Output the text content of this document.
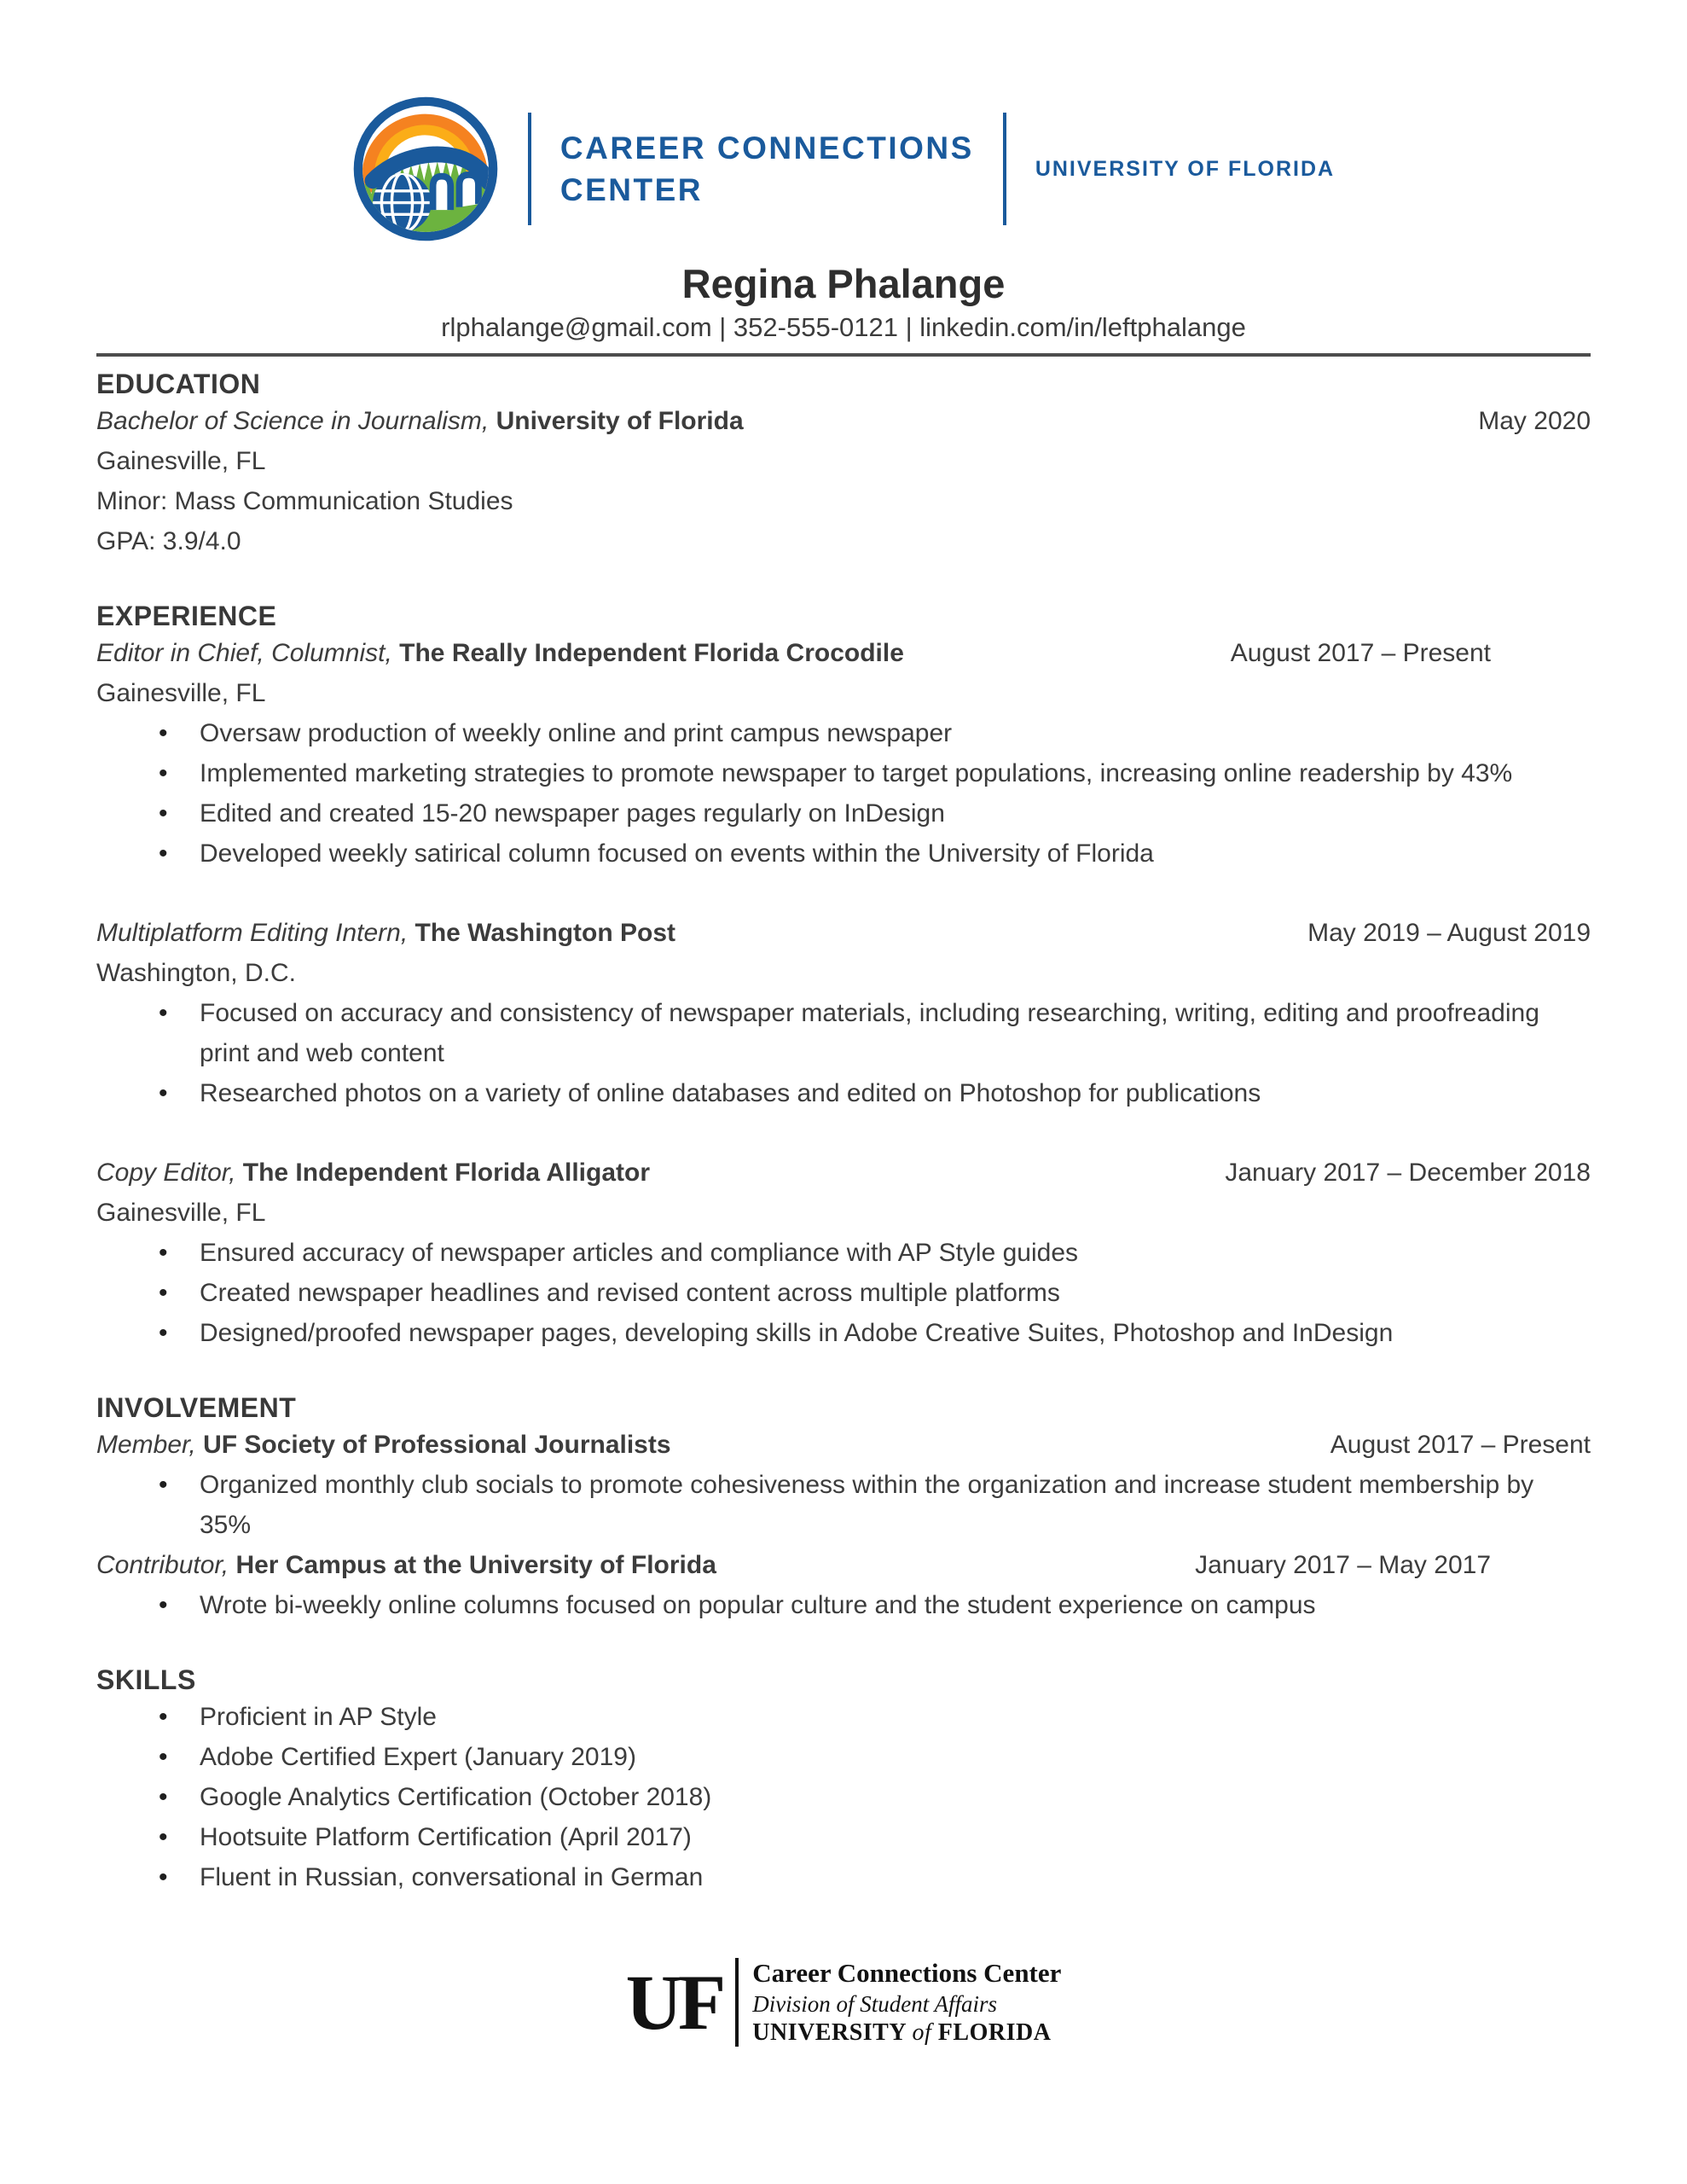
CAREER CONNECTIONS
CENTER
UNIVERSITY OF FLORIDA
Regina Phalange
rlphalange@gmail.com | 352-555-0121 | linkedin.com/in/leftphalange
EDUCATION
Bachelor of Science in Journalism, University of Florida	May 2020
Gainesville, FL
Minor: Mass Communication Studies
GPA: 3.9/4.0
EXPERIENCE
Editor in Chief, Columnist, The Really Independent Florida Crocodile	August 2017 – Present
Gainesville, FL
• Oversaw production of weekly online and print campus newspaper
• Implemented marketing strategies to promote newspaper to target populations, increasing online readership by 43%
• Edited and created 15-20 newspaper pages regularly on InDesign
• Developed weekly satirical column focused on events within the University of Florida
Multiplatform Editing Intern, The Washington Post	May 2019 – August 2019
Washington, D.C.
• Focused on accuracy and consistency of newspaper materials, including researching, writing, editing and proofreading print and web content
• Researched photos on a variety of online databases and edited on Photoshop for publications
Copy Editor, The Independent Florida Alligator	January 2017 – December 2018
Gainesville, FL
• Ensured accuracy of newspaper articles and compliance with AP Style guides
• Created newspaper headlines and revised content across multiple platforms
• Designed/proofed newspaper pages, developing skills in Adobe Creative Suites, Photoshop and InDesign
INVOLVEMENT
Member, UF Society of Professional Journalists	August 2017 – Present
• Organized monthly club socials to promote cohesiveness within the organization and increase student membership by 35%
Contributor, Her Campus at the University of Florida	January 2017 – May 2017
• Wrote bi-weekly online columns focused on popular culture and the student experience on campus
SKILLS
• Proficient in AP Style
• Adobe Certified Expert (January 2019)
• Google Analytics Certification (October 2018)
• Hootsuite Platform Certification (April 2017)
• Fluent in Russian, conversational in German
UF Career Connections Center
Division of Student Affairs
UNIVERSITY of FLORIDA
